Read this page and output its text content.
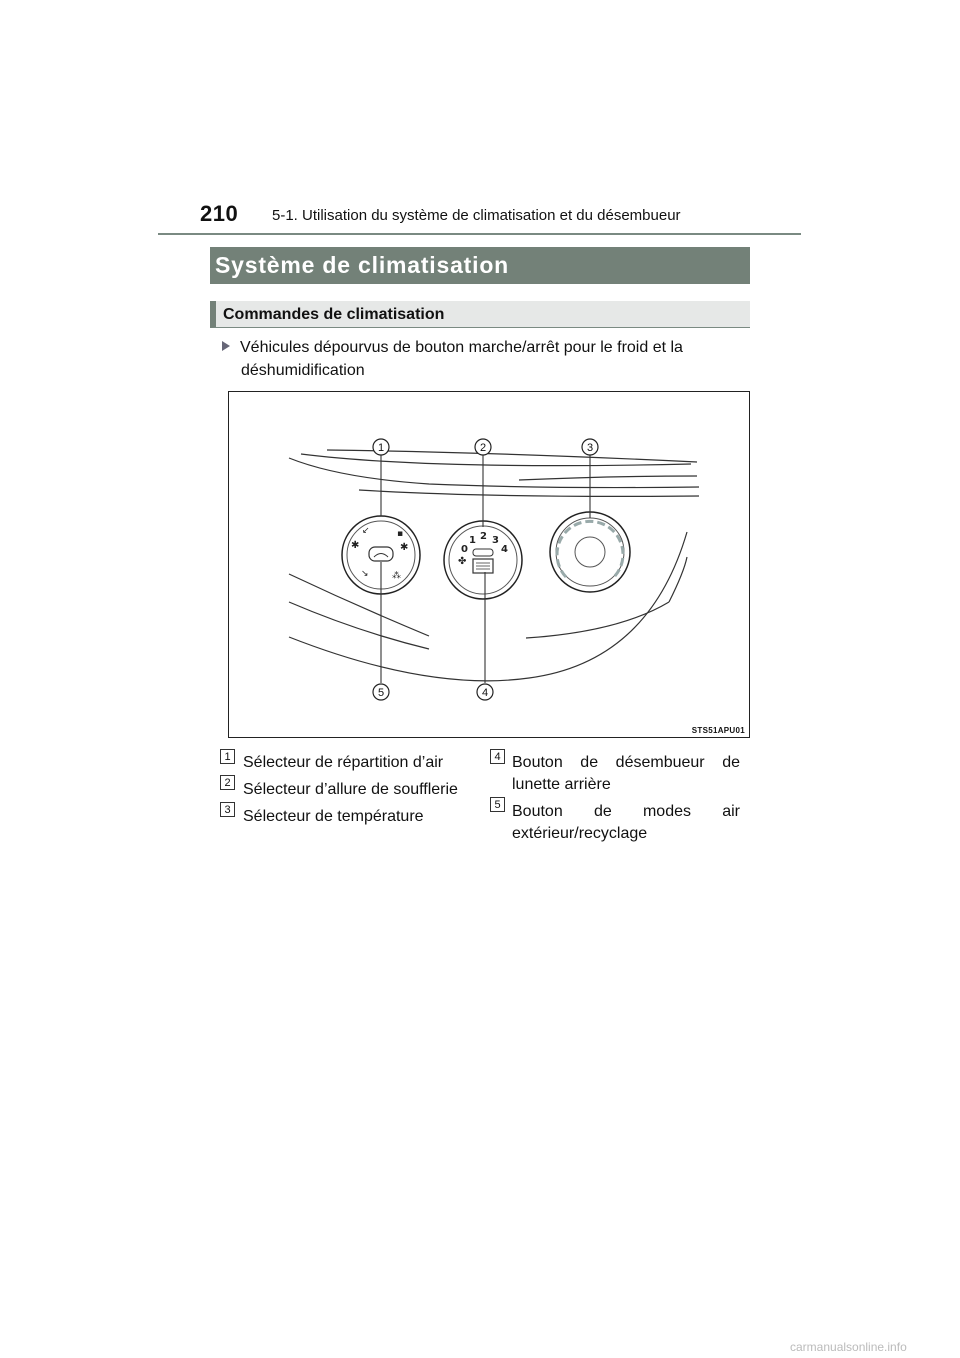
210 5-1. Utilisation du système de climatisation et du désembueur
Système de climatisation
Commandes de climatisation
Véhicules dépourvus de bouton marche/arrêt pour le froid et la
déshumidification
✱
↙	▪
✱
↘	⁂
✤
0
1 2 3
4
1	2	3
4
5
STS51APU01
1 Sélecteur de répartition d’air
2 Sélecteur d’allure de soufflerie
3 Sélecteur de température
4 Bouton de désembueur de
lunette arrière
5 Bouton de modes air
extérieur/recyclage
carmanualsonline.info
